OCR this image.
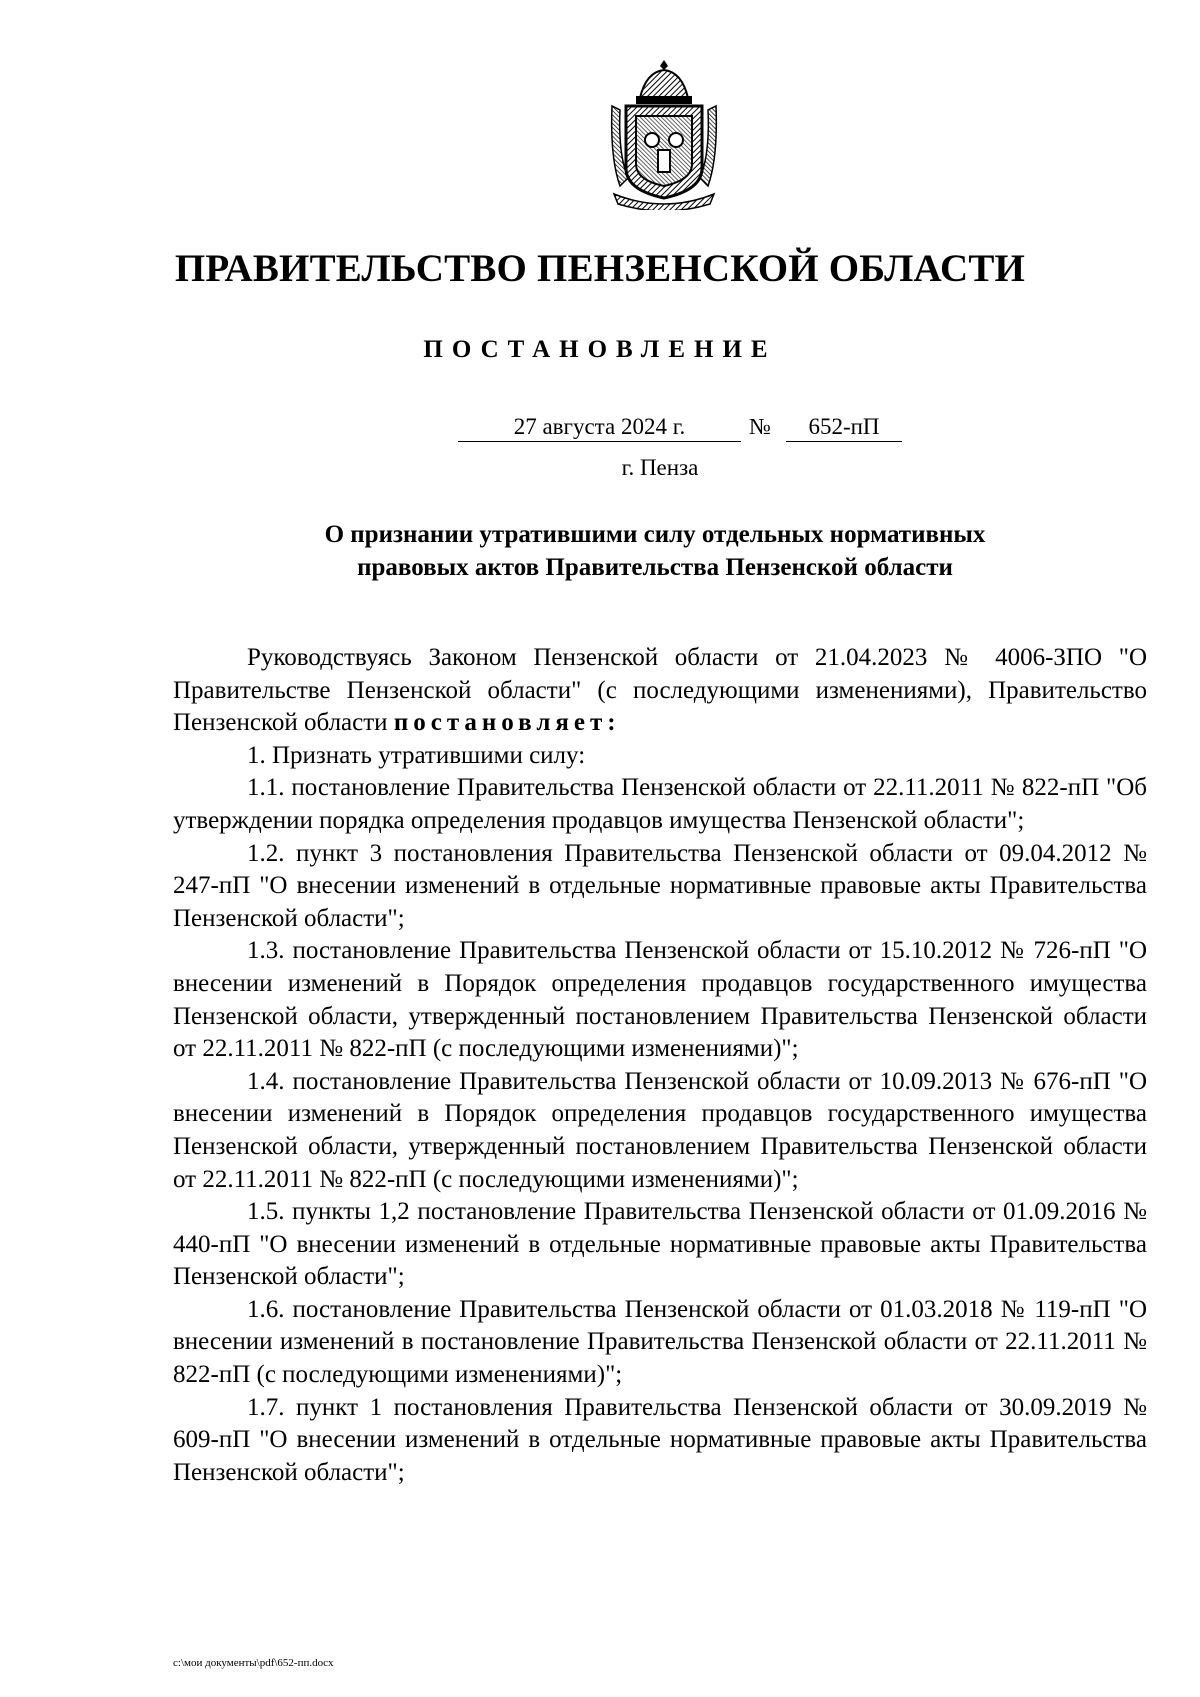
ПРАВИТЕЛЬСТВО ПЕНЗЕНСКОЙ ОБЛАСТИ
ПОСТАНОВЛЕНИЕ
27 августа 2024 г.	№	652-пП
г. Пенза
О признании утратившими силу отдельных нормативных
правовых актов Правительства Пензенской области

Руководствуясь Законом Пензенской области от 21.04.2023 № 4006-ЗПО "О Правительстве Пензенской области" (с последующими изменениями), Правительство Пензенской области постановляет:

1. Признать утратившими силу:

1.1. постановление Правительства Пензенской области от 22.11.2011 № 822-пП "Об утверждении порядка определения продавцов имущества Пензенской области";

1.2. пункт 3 постановления Правительства Пензенской области от 09.04.2012 № 247-пП "О внесении изменений в отдельные нормативные правовые акты Правительства Пензенской области";

1.3. постановление Правительства Пензенской области от 15.10.2012 № 726-пП "О внесении изменений в Порядок определения продавцов государственного имущества Пензенской области, утвержденный постановлением Правительства Пензенской области от 22.11.2011 № 822-пП (с последующими изменениями)";

1.4. постановление Правительства Пензенской области от 10.09.2013 № 676-пП "О внесении изменений в Порядок определения продавцов государственного имущества Пензенской области, утвержденный постановлением Правительства Пензенской области от 22.11.2011 № 822-пП (с последующими изменениями)";

1.5. пункты 1,2 постановление Правительства Пензенской области от 01.09.2016 № 440-пП "О внесении изменений в отдельные нормативные правовые акты Правительства Пензенской области";

1.6. постановление Правительства Пензенской области от 01.03.2018 № 119-пП "О внесении изменений в постановление Правительства Пензенской области от 22.11.2011 № 822-пП (с последующими изменениями)";

1.7. пункт 1 постановления Правительства Пензенской области от 30.09.2019 № 609-пП "О внесении изменений в отдельные нормативные правовые акты Правительства Пензенской области";

c:\мои документы\pdf\652-пп.docx
